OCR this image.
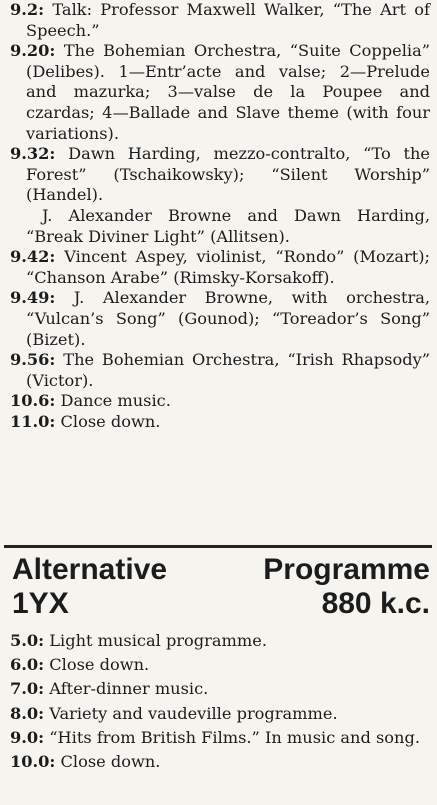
9.2: Talk: Professor Maxwell Walker, “The Art of Speech.”

9.20: The Bohemian Orchestra, “Suite Coppelia” (Delibes). 1—Entr’acte and valse; 2—Prelude and mazurka; 3—valse de la Poupee and czardas; 4—Ballade and Slave theme (with four variations).

9.32: Dawn Harding, mezzo-contralto, “To the Forest” (Tschaikowsky); “Silent Worship” (Handel).

J. Alexander Browne and Dawn Harding, “Break Diviner Light” (Allitsen).

9.42: Vincent Aspey, violinist, “Rondo” (Mozart); “Chanson Arabe” (Rimsky-Korsakoff).

9.49: J. Alexander Browne, with orchestra, “Vulcan’s Song” (Gounod); “Toreador’s Song” (Bizet).

9.56: The Bohemian Orchestra, “Irish Rhapsody” (Victor).

10.6: Dance music.

11.0: Close down.

Alternative	Programme
1YX	880 k.c.

5.0: Light musical programme.

6.0: Close down.

7.0: After-dinner music.

8.0: Variety and vaudeville programme.

9.0: “Hits from British Films.” In music and song.

10.0: Close down.
